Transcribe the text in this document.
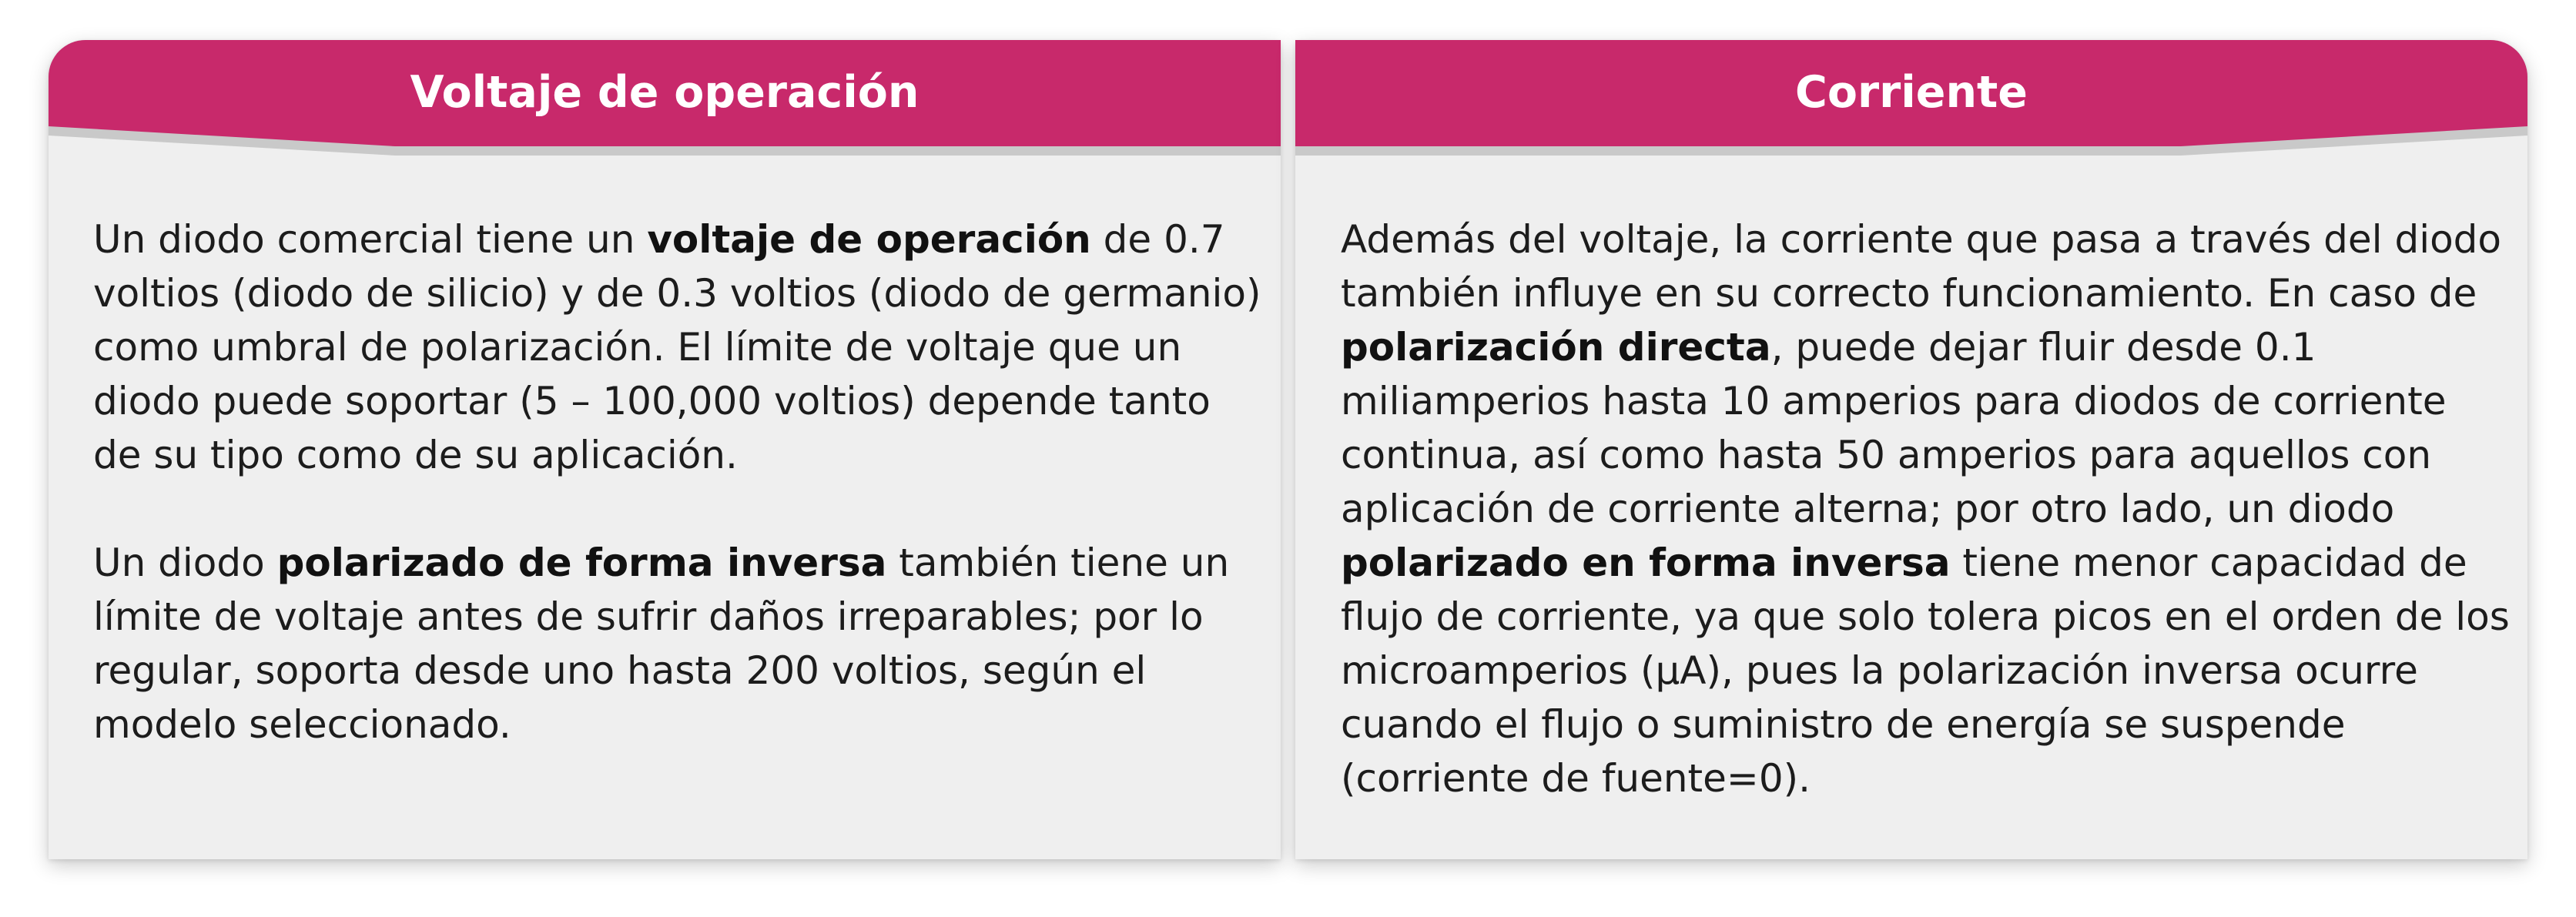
Voltaje de operación

Un diodo comercial tiene un voltaje de operación de 0.7 voltios (diodo de silicio) y de 0.3 voltios (diodo de germanio) como umbral de polarización. El límite de voltaje que un diodo puede soportar (5 – 100,000 voltios) depende tanto de su tipo como de su aplicación.

Un diodo polarizado de forma inversa también tiene un límite de voltaje antes de sufrir daños irreparables; por lo regular, soporta desde uno hasta 200 voltios, según el modelo seleccionado.

Corriente

Además del voltaje, la corriente que pasa a través del diodo también influye en su correcto funcionamiento. En caso de polarización directa, puede dejar fluir desde 0.1 miliamperios hasta 10 amperios para diodos de corriente continua, así como hasta 50 amperios para aquellos con aplicación de corriente alterna; por otro lado, un diodo polarizado en forma inversa tiene menor capacidad de flujo de corriente, ya que solo tolera picos en el orden de los microamperios (µA), pues la polarización inversa ocurre cuando el flujo o suministro de energía se suspende (corriente de fuente=0).
